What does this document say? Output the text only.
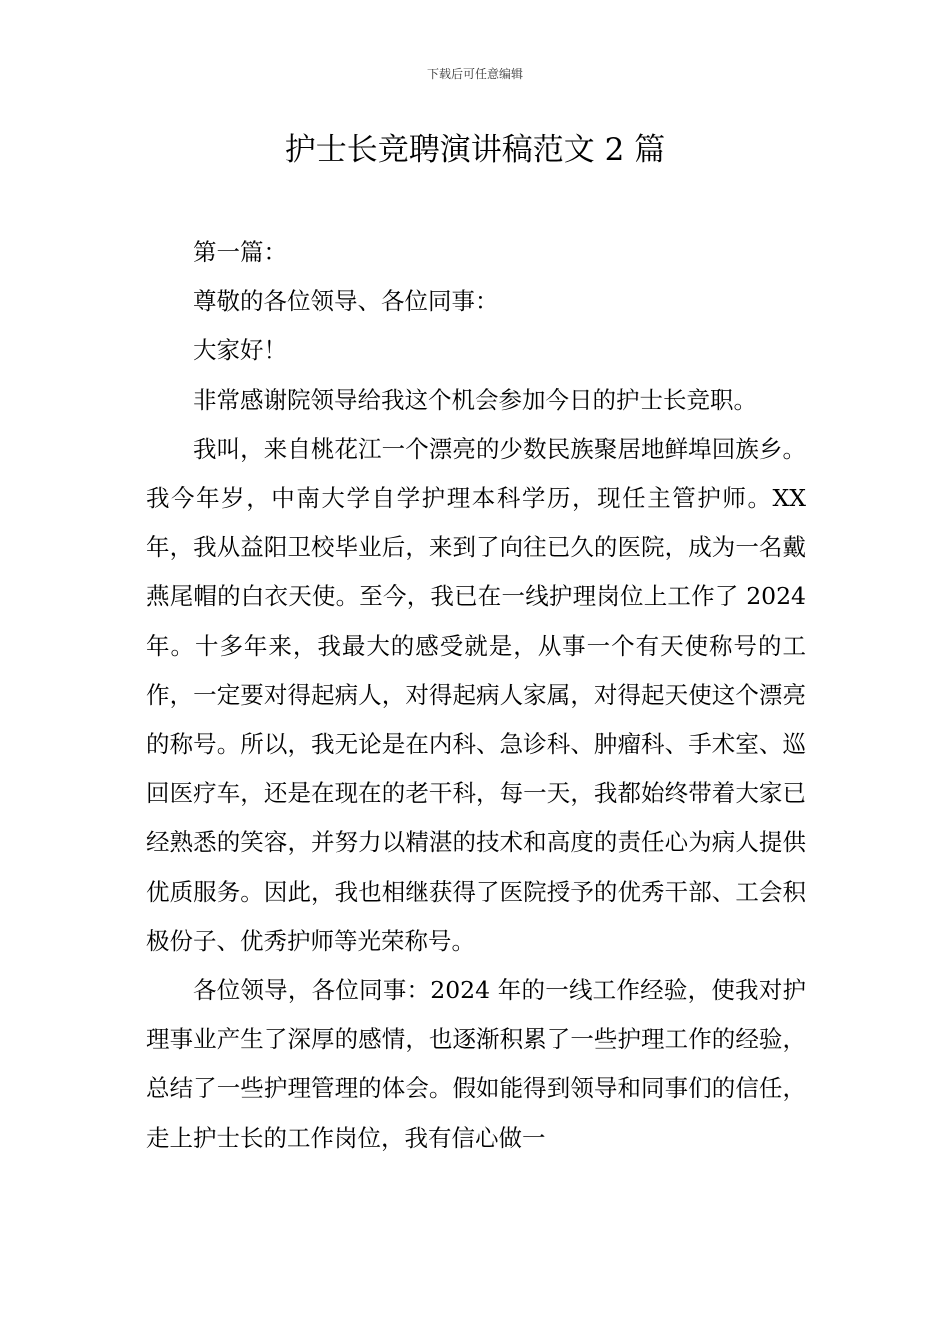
下载后可任意编辑
护士长竞聘演讲稿范文 2 篇

第一篇：

尊敬的各位领导、各位同事：

大家好！

非常感谢院领导给我这个机会参加今日的护士长竞职。

我叫，来自桃花江一个漂亮的少数民族聚居地鲜埠回族乡。我今年岁，中南大学自学护理本科学历，现任主管护师。XX 年，我从益阳卫校毕业后，来到了向往已久的医院，成为一名戴燕尾帽的白衣天使。至今，我已在一线护理岗位上工作了 2024 年。十多年来，我最大的感受就是，从事一个有天使称号的工作，一定要对得起病人，对得起病人家属，对得起天使这个漂亮的称号。所以，我无论是在内科、急诊科、肿瘤科、手术室、巡回医疗车，还是在现在的老干科，每一天，我都始终带着大家已经熟悉的笑容，并努力以精湛的技术和高度的责任心为病人提供优质服务。因此，我也相继获得了医院授予的优秀干部、工会积极份子、优秀护师等光荣称号。

各位领导，各位同事：2024 年的一线工作经验，使我对护理事业产生了深厚的感情，也逐渐积累了一些护理工作的经验，总结了一些护理管理的体会。假如能得到领导和同事们的信任，走上护士长的工作岗位，我有信心做一
